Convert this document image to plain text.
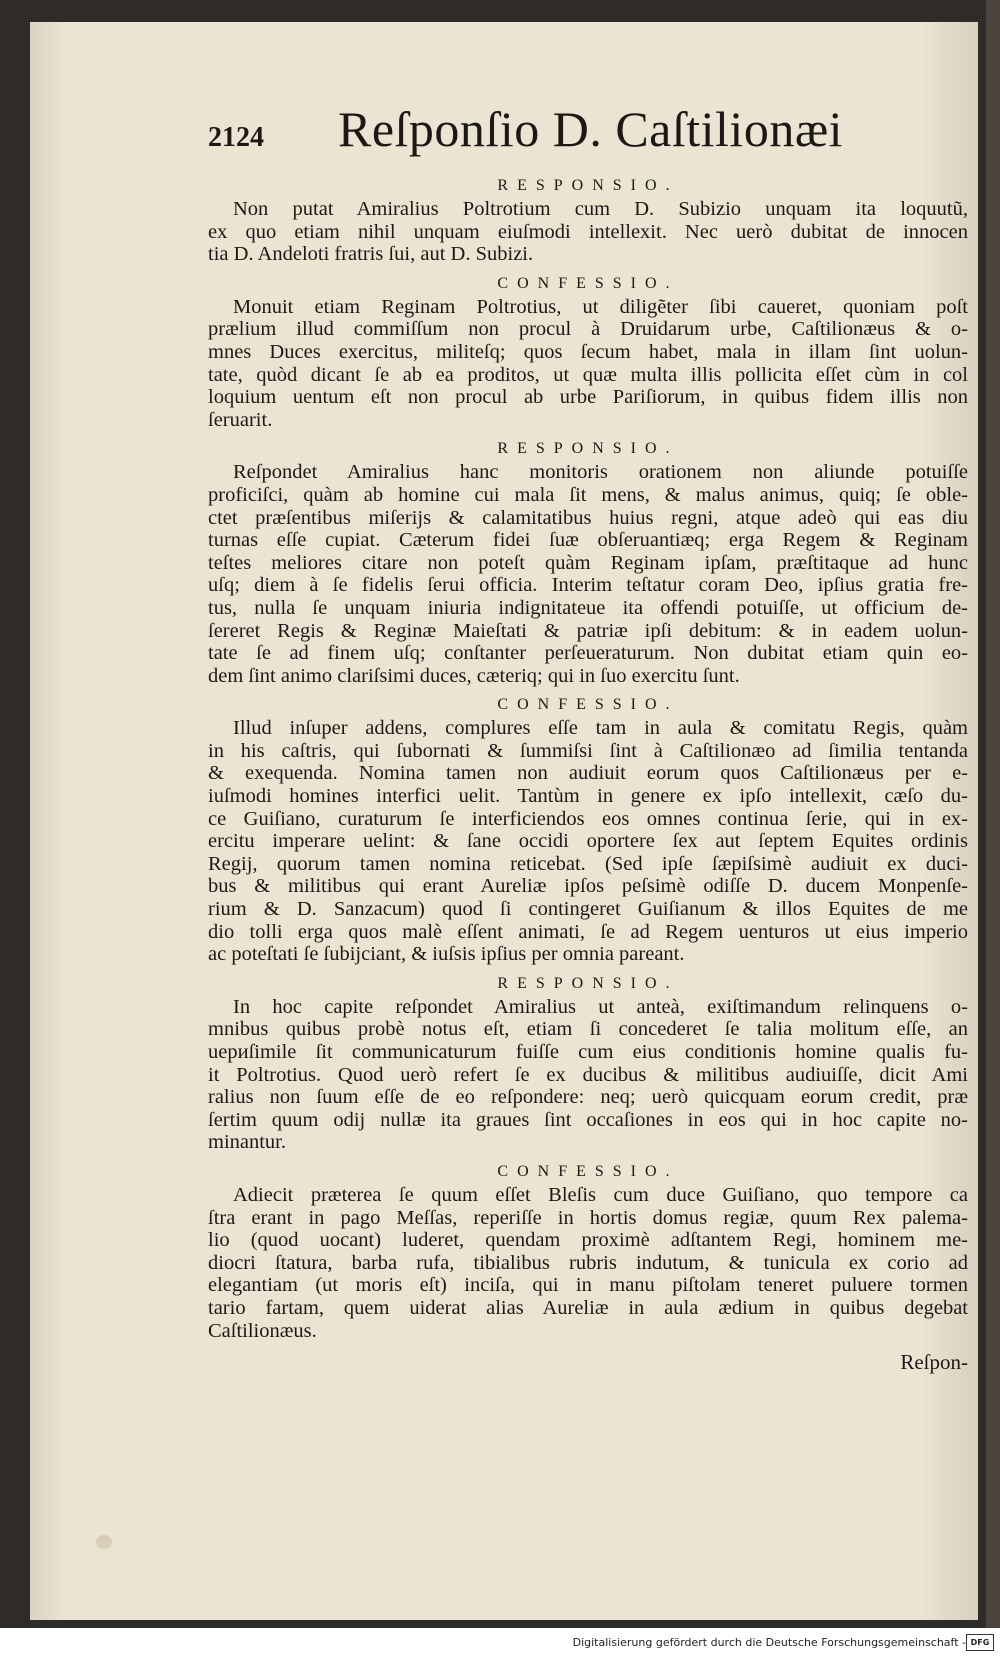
2124	Reſponſio D. Caſtilionæi
RESPONSIO.
Non putat Amiralius Poltrotium cum D. Subizio unquam ita loquutũ,
ex quo etiam nihil unquam eiuſmodi intellexit. Nec uerò dubitat de innocen
tia D. Andeloti fratris ſui, aut D. Subizi.
CONFESSIO.
Monuit etiam Reginam Poltrotius, ut diligẽter ſibi caueret, quoniam poſt
prælium illud commiſſum non procul à Druidarum urbe, Caſtilionæus & o-
mnes Duces exercitus, militeſq; quos ſecum habet, mala in illam ſint uolun-
tate, quòd dicant ſe ab ea proditos, ut quæ multa illis pollicita eſſet cùm in col
loquium uentum eſt non procul ab urbe Pariſiorum, in quibus fidem illis non
ſeruarit.
RESPONSIO.
Reſpondet Amiralius hanc monitoris orationem non aliunde potuiſſe
proficiſci, quàm ab homine cui mala ſit mens, & malus animus, quiq; ſe oble-
ctet præſentibus miſerijs & calamitatibus huius regni, atque adeò qui eas diu
turnas eſſe cupiat. Cæterum fidei ſuæ obſeruantiæq; erga Regem & Reginam
teſtes meliores citare non poteſt quàm Reginam ipſam, præſtitaque ad hunc
uſq; diem à ſe fidelis ſerui officia. Interim teſtatur coram Deo, ipſius gratia fre-
tus, nulla ſe unquam iniuria indignitateue ita offendi potuiſſe, ut officium de-
ſereret Regis & Reginæ Maieſtati & patriæ ipſi debitum: & in eadem uolun-
tate ſe ad finem uſq; conſtanter perſeueraturum. Non dubitat etiam quin eo-
dem ſint animo clariſsimi duces, cæteriq; qui in ſuo exercitu ſunt.
CONFESSIO.
Illud inſuper addens, complures eſſe tam in aula & comitatu Regis, quàm
in his caſtris, qui ſubornati & ſummiſsi ſint à Caſtilionæo ad ſimilia tentanda
& exequenda. Nomina tamen non audiuit eorum quos Caſtilionæus per e-
iuſmodi homines interfici uelit. Tantùm in genere ex ipſo intellexit, cæſo du-
ce Guiſiano, curaturum ſe interficiendos eos omnes continua ſerie, qui in ex-
ercitu imperare uelint: & ſane occidi oportere ſex aut ſeptem Equites ordinis
Regij, quorum tamen nomina reticebat. (Sed ipſe ſæpiſsimè audiuit ex duci-
bus & militibus qui erant Aureliæ ipſos peſsimè odiſſe D. ducem Monpenſe-
rium & D. Sanzacum) quod ſi contingeret Guiſianum & illos Equites de me
dio tolli erga quos malè eſſent animati, ſe ad Regem uenturos ut eius imperio
ac poteſtati ſe ſubijciant, & iuſsis ipſius per omnia pareant.
RESPONSIO.
In hoc capite reſpondet Amiralius ut anteà, exiſtimandum relinquens o-
mnibus quibus probè notus eſt, etiam ſi concederet ſe talia molitum eſſe, an
uериſimile ſit communicaturum fuiſſe cum eius conditionis homine qualis fu-
it Poltrotius. Quod uerò refert ſe ex ducibus & militibus audiuiſſe, dicit Ami
ralius non ſuum eſſe de eo reſpondere: neq; uerò quicquam eorum credit, præ
ſertim quum odij nullæ ita graues ſint occaſiones in eos qui in hoc capite no-
minantur.
CONFESSIO.
Adiecit præterea ſe quum eſſet Bleſis cum duce Guiſiano, quo tempore ca
ſtra erant in pago Meſſas, reperiſſe in hortis domus regiæ, quum Rex palema-
lio (quod uocant) luderet, quendam proximè adſtantem Regi, hominem me-
diocri ſtatura, barba rufa, tibialibus rubris indutum, & tunicula ex corio ad
elegantiam (ut moris eſt) inciſa, qui in manu piſtolam teneret puluere tormen
tario fartam, quem uiderat alias Aureliæ in aula ædium in quibus degebat
Caſtilionæus.
Reſpon-
Digitalisierung gefördert durch die Deutsche Forschungsgemeinschaft - DFG
